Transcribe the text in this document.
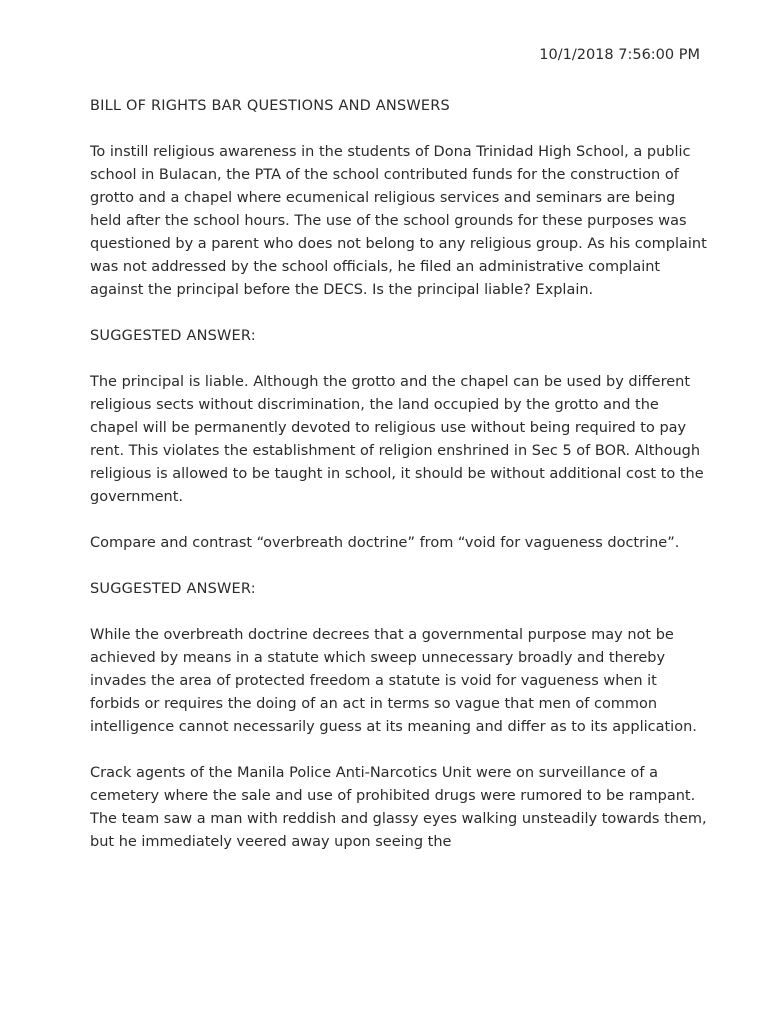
10/1/2018 7:56:00 PM

BILL OF RIGHTS BAR QUESTIONS AND ANSWERS

To instill religious awareness in the students of Dona Trinidad High School, a public school in Bulacan, the PTA of the school contributed funds for the construction of grotto and a chapel where ecumenical religious services and seminars are being held after the school hours. The use of the school grounds for these purposes was questioned by a parent who does not belong to any religious group. As his complaint was not addressed by the school officials, he filed an administrative complaint against the principal before the DECS. Is the principal liable? Explain.

SUGGESTED ANSWER:

The principal is liable. Although the grotto and the chapel can be used by different religious sects without discrimination, the land occupied by the grotto and the chapel will be permanently devoted to religious use without being required to pay rent. This violates the establishment of religion enshrined in Sec 5 of BOR. Although religious is allowed to be taught in school, it should be without additional cost to the government.

Compare and contrast “overbreath doctrine” from “void for vagueness doctrine”.

SUGGESTED ANSWER:

While the overbreath doctrine decrees that a governmental purpose may not be achieved by means in a statute which sweep unnecessary broadly and thereby invades the area of protected freedom a statute is void for vagueness when it forbids or requires the doing of an act in terms so vague that men of common intelligence cannot necessarily guess at its meaning and differ as to its application.

Crack agents of the Manila Police Anti-Narcotics Unit were on surveillance of a cemetery where the sale and use of prohibited drugs were rumored to be rampant. The team saw a man with reddish and glassy eyes walking unsteadily towards them, but he immediately veered away upon seeing the
